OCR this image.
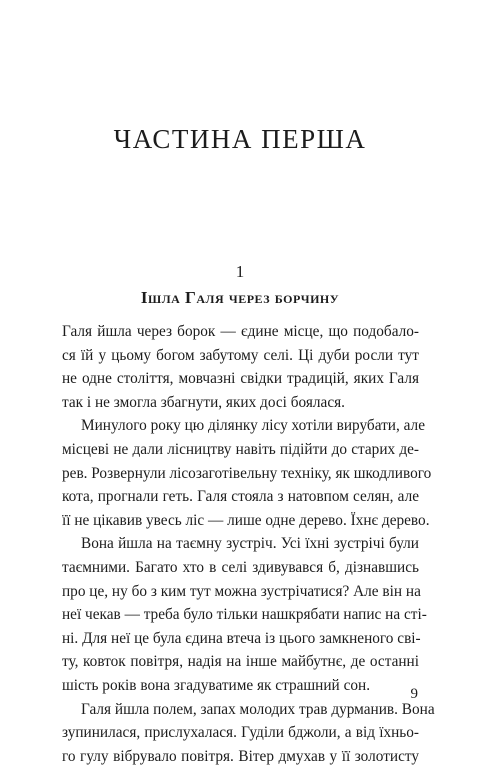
ЧАСТИНА ПЕРША
1
Ішла Галя через борчину
Галя йшла через борок — єдине місце, що подобало-
ся їй у цьому богом забутому селі. Ці дуби росли тут
не одне століття, мовчазні свідки традицій, яких Галя
так і не змогла збагнути, яких досі боялася.
Минулого року цю ділянку лісу хотіли вирубати, але
місцеві не дали лісництву навіть підійти до старих де-
рев. Розвернули лісозаготівельну техніку, як шкодливого
кота, прогнали геть. Галя стояла з натовпом селян, але
її не цікавив увесь ліс — лише одне дерево. Їхнє дерево.
Вона йшла на таємну зустріч. Усі їхні зустрічі були
таємними. Багато хто в селі здивувався б, дізнавшись
про це, ну бо з ким тут можна зустрічатися? Але він на
неї чекав — треба було тільки нашкрябати напис на сті-
ні. Для неї це була єдина втеча із цього замкненого сві-
ту, ковток повітря, надія на інше майбутнє, де останні
шість років вона згадуватиме як страшний сон.
Галя йшла полем, запах молодих трав дурманив. Вона
зупинилася, прислухалася. Гуділи бджоли, а від їхньо-
го гулу вібрувало повітря. Вітер дмухав у її золотисту
9
